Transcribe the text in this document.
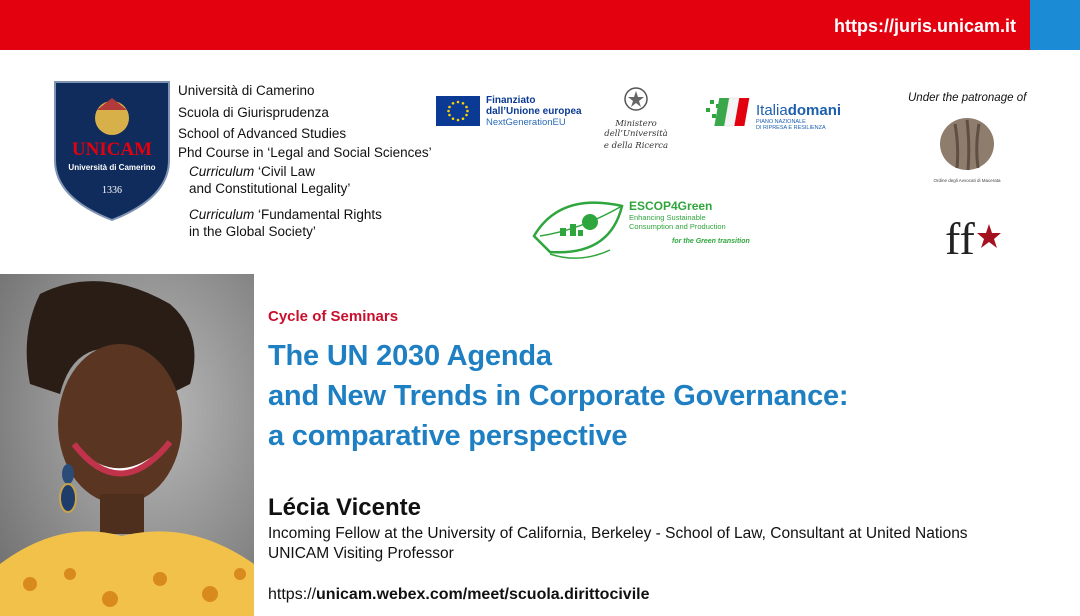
https://juris.unicam.it
UNICAM
Università di Camerino
1336
Università di Camerino
Scuola di Giurisprudenza
School of Advanced Studies
Phd Course in ‘Legal and Social Sciences’
Curriculum ‘Civil Law
and Constitutional Legality’
Curriculum ‘Fundamental Rights
in the Global Society’
Finanziato
dall’Unione europea
NextGenerationEU	Ministero dell’Università
e della Ricerca
Italiadomani
PIANO NAZIONALE
DI RIPRESA E RESILIENZA
ESCOP4Green
Enhancing Sustainable
Consumption and Production
for the Green transition
Under the patronage of
Ordine degli Avvocati di Macerata
ff
Cycle of Seminars
The UN 2030 Agenda
and New Trends in Corporate Governance:
a comparative perspective
Lécia Vicente
Incoming Fellow at the University of California, Berkeley - School of Law, Consultant at United Nations
UNICAM Visiting Professor
https://unicam.webex.com/meet/scuola.dirittocivile
